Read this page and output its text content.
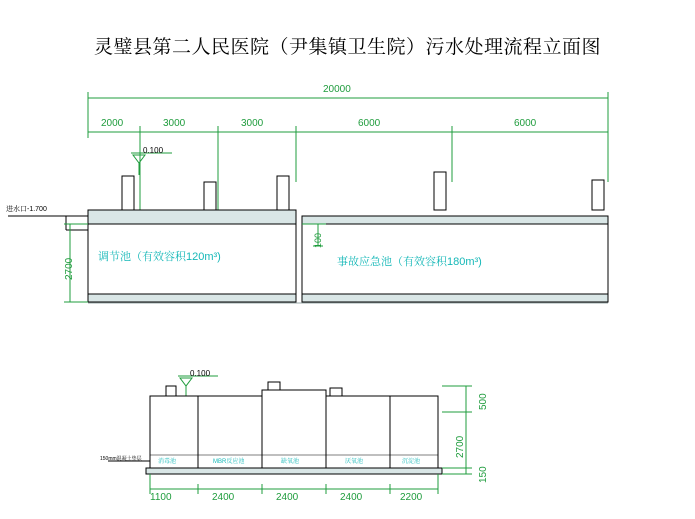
灵璧县第二人民医院（尹集镇卫生院）污水处理流程立面图
20000
2000	3000	3000	6000	6000
0.100
进水口-1.700
2700
100
调节池（有效容积120m³)	事故应急池（有效容积180m³)
0.100
150mm混凝土垫层	消毒池	MBR反应池	缺氧池	厌氧池	沉淀池
1100	2400	2400	2400	2200
500
2700
150
